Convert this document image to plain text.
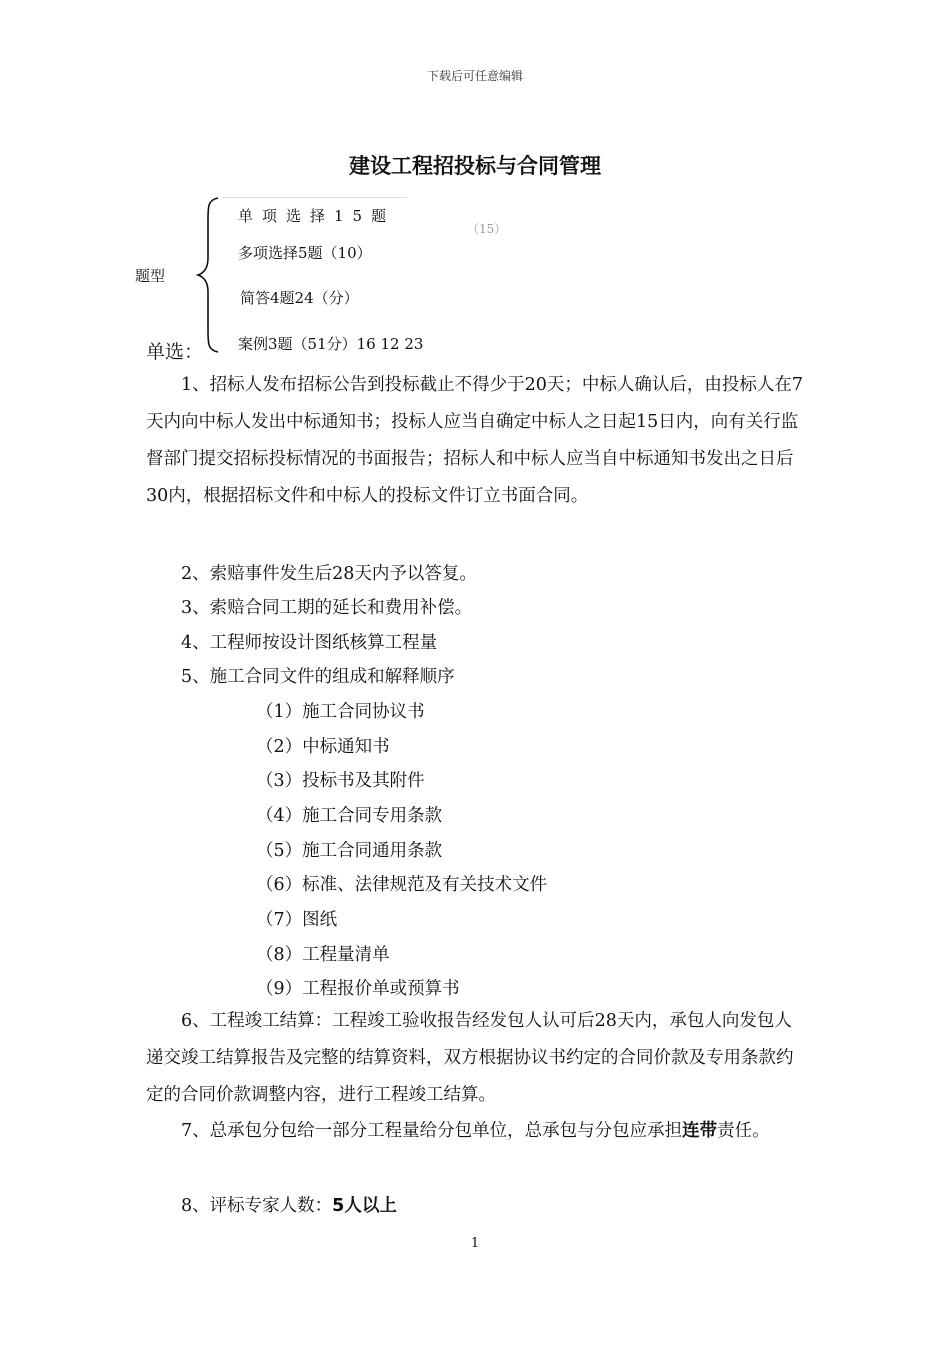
下载后可任意编辑
建设工程招投标与合同管理
题型
单项选择15题
（15）
多项选择5题（10）
简答4题24（分）
案例3题（51分）16 12 23
单选：

1、招标人发布招标公告到投标截止不得少于20天；中标人确认后，由投标人在7天内向中标人发出中标通知书；投标人应当自确定中标人之日起15日内，向有关行监督部门提交招标投标情况的书面报告；招标人和中标人应当自中标通知书发出之日后30内，根据招标文件和中标人的投标文件订立书面合同。

2、索赔事件发生后28天内予以答复。
3、索赔合同工期的延长和费用补偿。
4、工程师按设计图纸核算工程量
5、施工合同文件的组成和解释顺序
（1）施工合同协议书
（2）中标通知书
（3）投标书及其附件
（4）施工合同专用条款
（5）施工合同通用条款
（6）标准、法律规范及有关技术文件
（7）图纸
（8）工程量清单
（9）工程报价单或预算书

6、工程竣工结算：工程竣工验收报告经发包人认可后28天内，承包人向发包人递交竣工结算报告及完整的结算资料，双方根据协议书约定的合同价款及专用条款约定的合同价款调整内容，进行工程竣工结算。

7、总承包分包给一部分工程量给分包单位，总承包与分包应承担连带责任。

8、评标专家人数：5人以上
1
